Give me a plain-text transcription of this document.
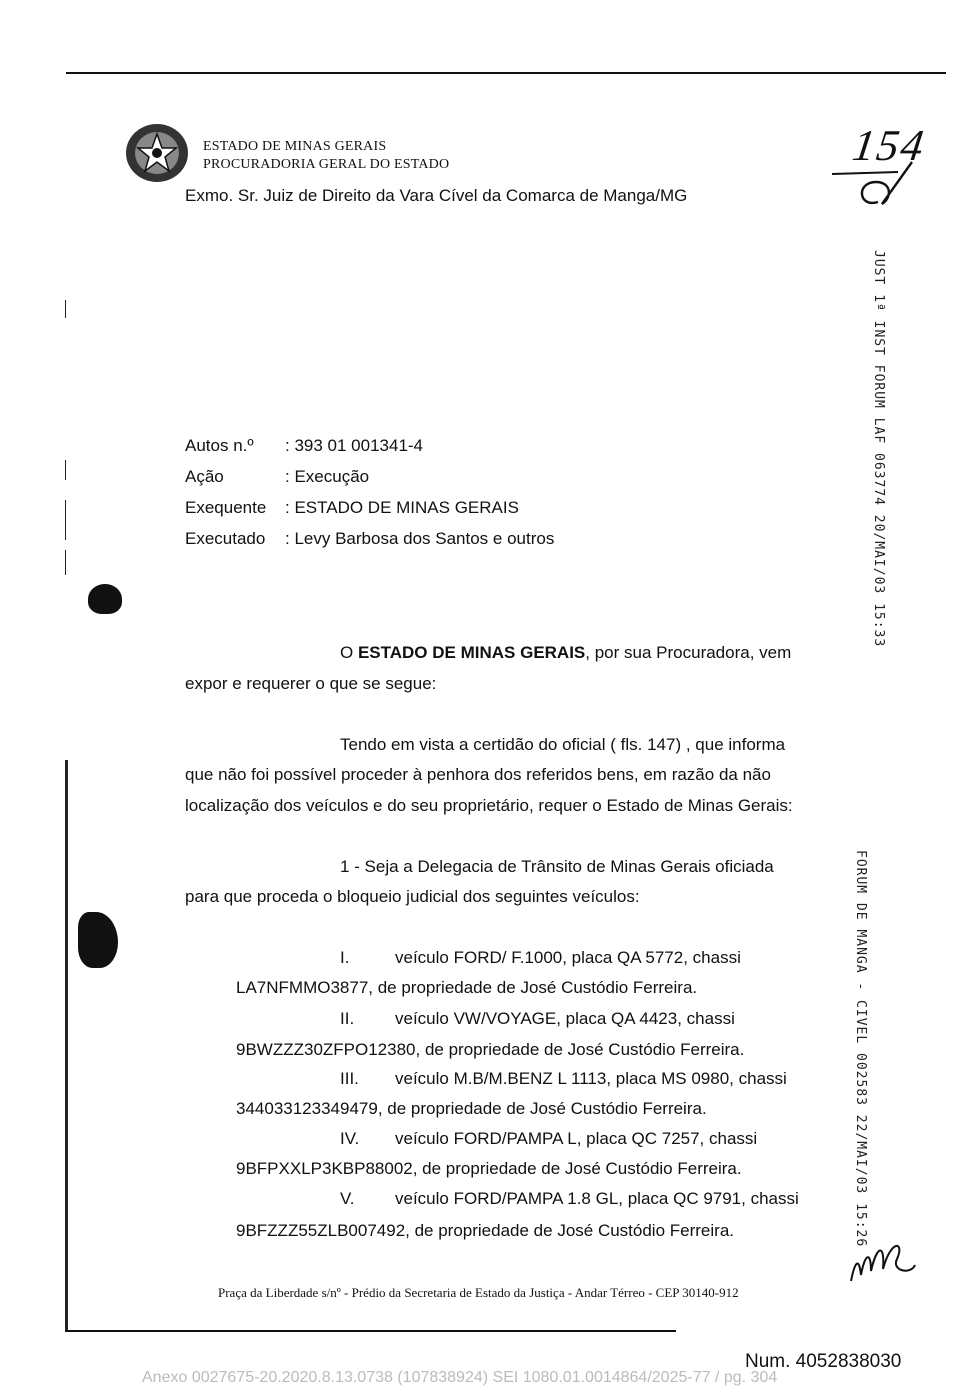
ESTADO DE MINAS GERAIS
PROCURADORIA GERAL DO ESTADO	154
Exmo. Sr. Juiz de Direito da Vara Cível da Comarca de Manga/MG
JUST 1ª INST FORUM LAF 063774 20/MAI/03 15:33
FORUM DE MANGA - CIVEL 002583 22/MAI/03 15:26
Autos n.º : 393 01 001341-4
Ação	: Execução
Exequente : ESTADO DE MINAS GERAIS
Executado : Levy Barbosa dos Santos e outros
O ESTADO DE MINAS GERAIS, por sua Procuradora, vem
expor e requerer o que se segue:
Tendo em vista a certidão do oficial ( fls. 147) , que informa
que não foi possível proceder à penhora dos referidos bens, em razão da não
localização dos veículos e do seu proprietário, requer o Estado de Minas Gerais:
1 - Seja a Delegacia de Trânsito de Minas Gerais oficiada
para que proceda o bloqueio judicial dos seguintes veículos:
I.	veículo FORD/ F.1000, placa QA 5772, chassi
LA7NFMMO3877, de propriedade de José Custódio Ferreira.
II.	veículo VW/VOYAGE, placa QA 4423, chassi
9BWZZZ30ZFPO12380, de propriedade de José Custódio Ferreira.
III.	veículo M.B/M.BENZ L 1113, placa MS 0980, chassi
344033123349479, de propriedade de José Custódio Ferreira.
IV.	veículo FORD/PAMPA L, placa QC 7257, chassi
9BFPXXLP3KBP88002, de propriedade de José Custódio Ferreira.
V.	veículo FORD/PAMPA 1.8 GL, placa QC 9791, chassi
9BFZZZ55ZLB007492, de propriedade de José Custódio Ferreira.
Praça da Liberdade s/nº - Prédio da Secretaria de Estado da Justiça - Andar Térreo - CEP 30140-912
Num. 4052838030
Anexo 0027675-20.2020.8.13.0738 (107838924) SEI 1080.01.0014864/2025-77 / pg. 304
